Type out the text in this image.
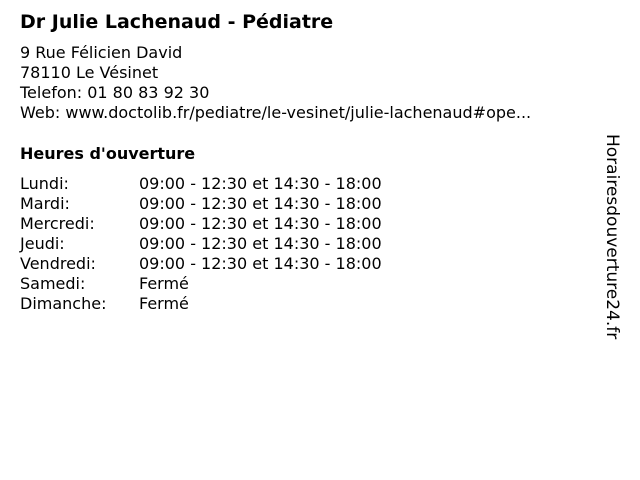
Dr Julie Lachenaud - Pédiatre
9 Rue Félicien David
78110 Le Vésinet
Telefon: 01 80 83 92 30
Web: www.doctolib.fr/pediatre/le-vesinet/julie-lachenaud#ope...
Heures d'ouverture
Lundi:	09:00 - 12:30 et 14:30 - 18:00
Mardi:	09:00 - 12:30 et 14:30 - 18:00
Mercredi:	09:00 - 12:30 et 14:30 - 18:00
Jeudi:	09:00 - 12:30 et 14:30 - 18:00
Vendredi:	09:00 - 12:30 et 14:30 - 18:00
Samedi:	Fermé
Dimanche: Fermé	Horairesdouverture24.fr
